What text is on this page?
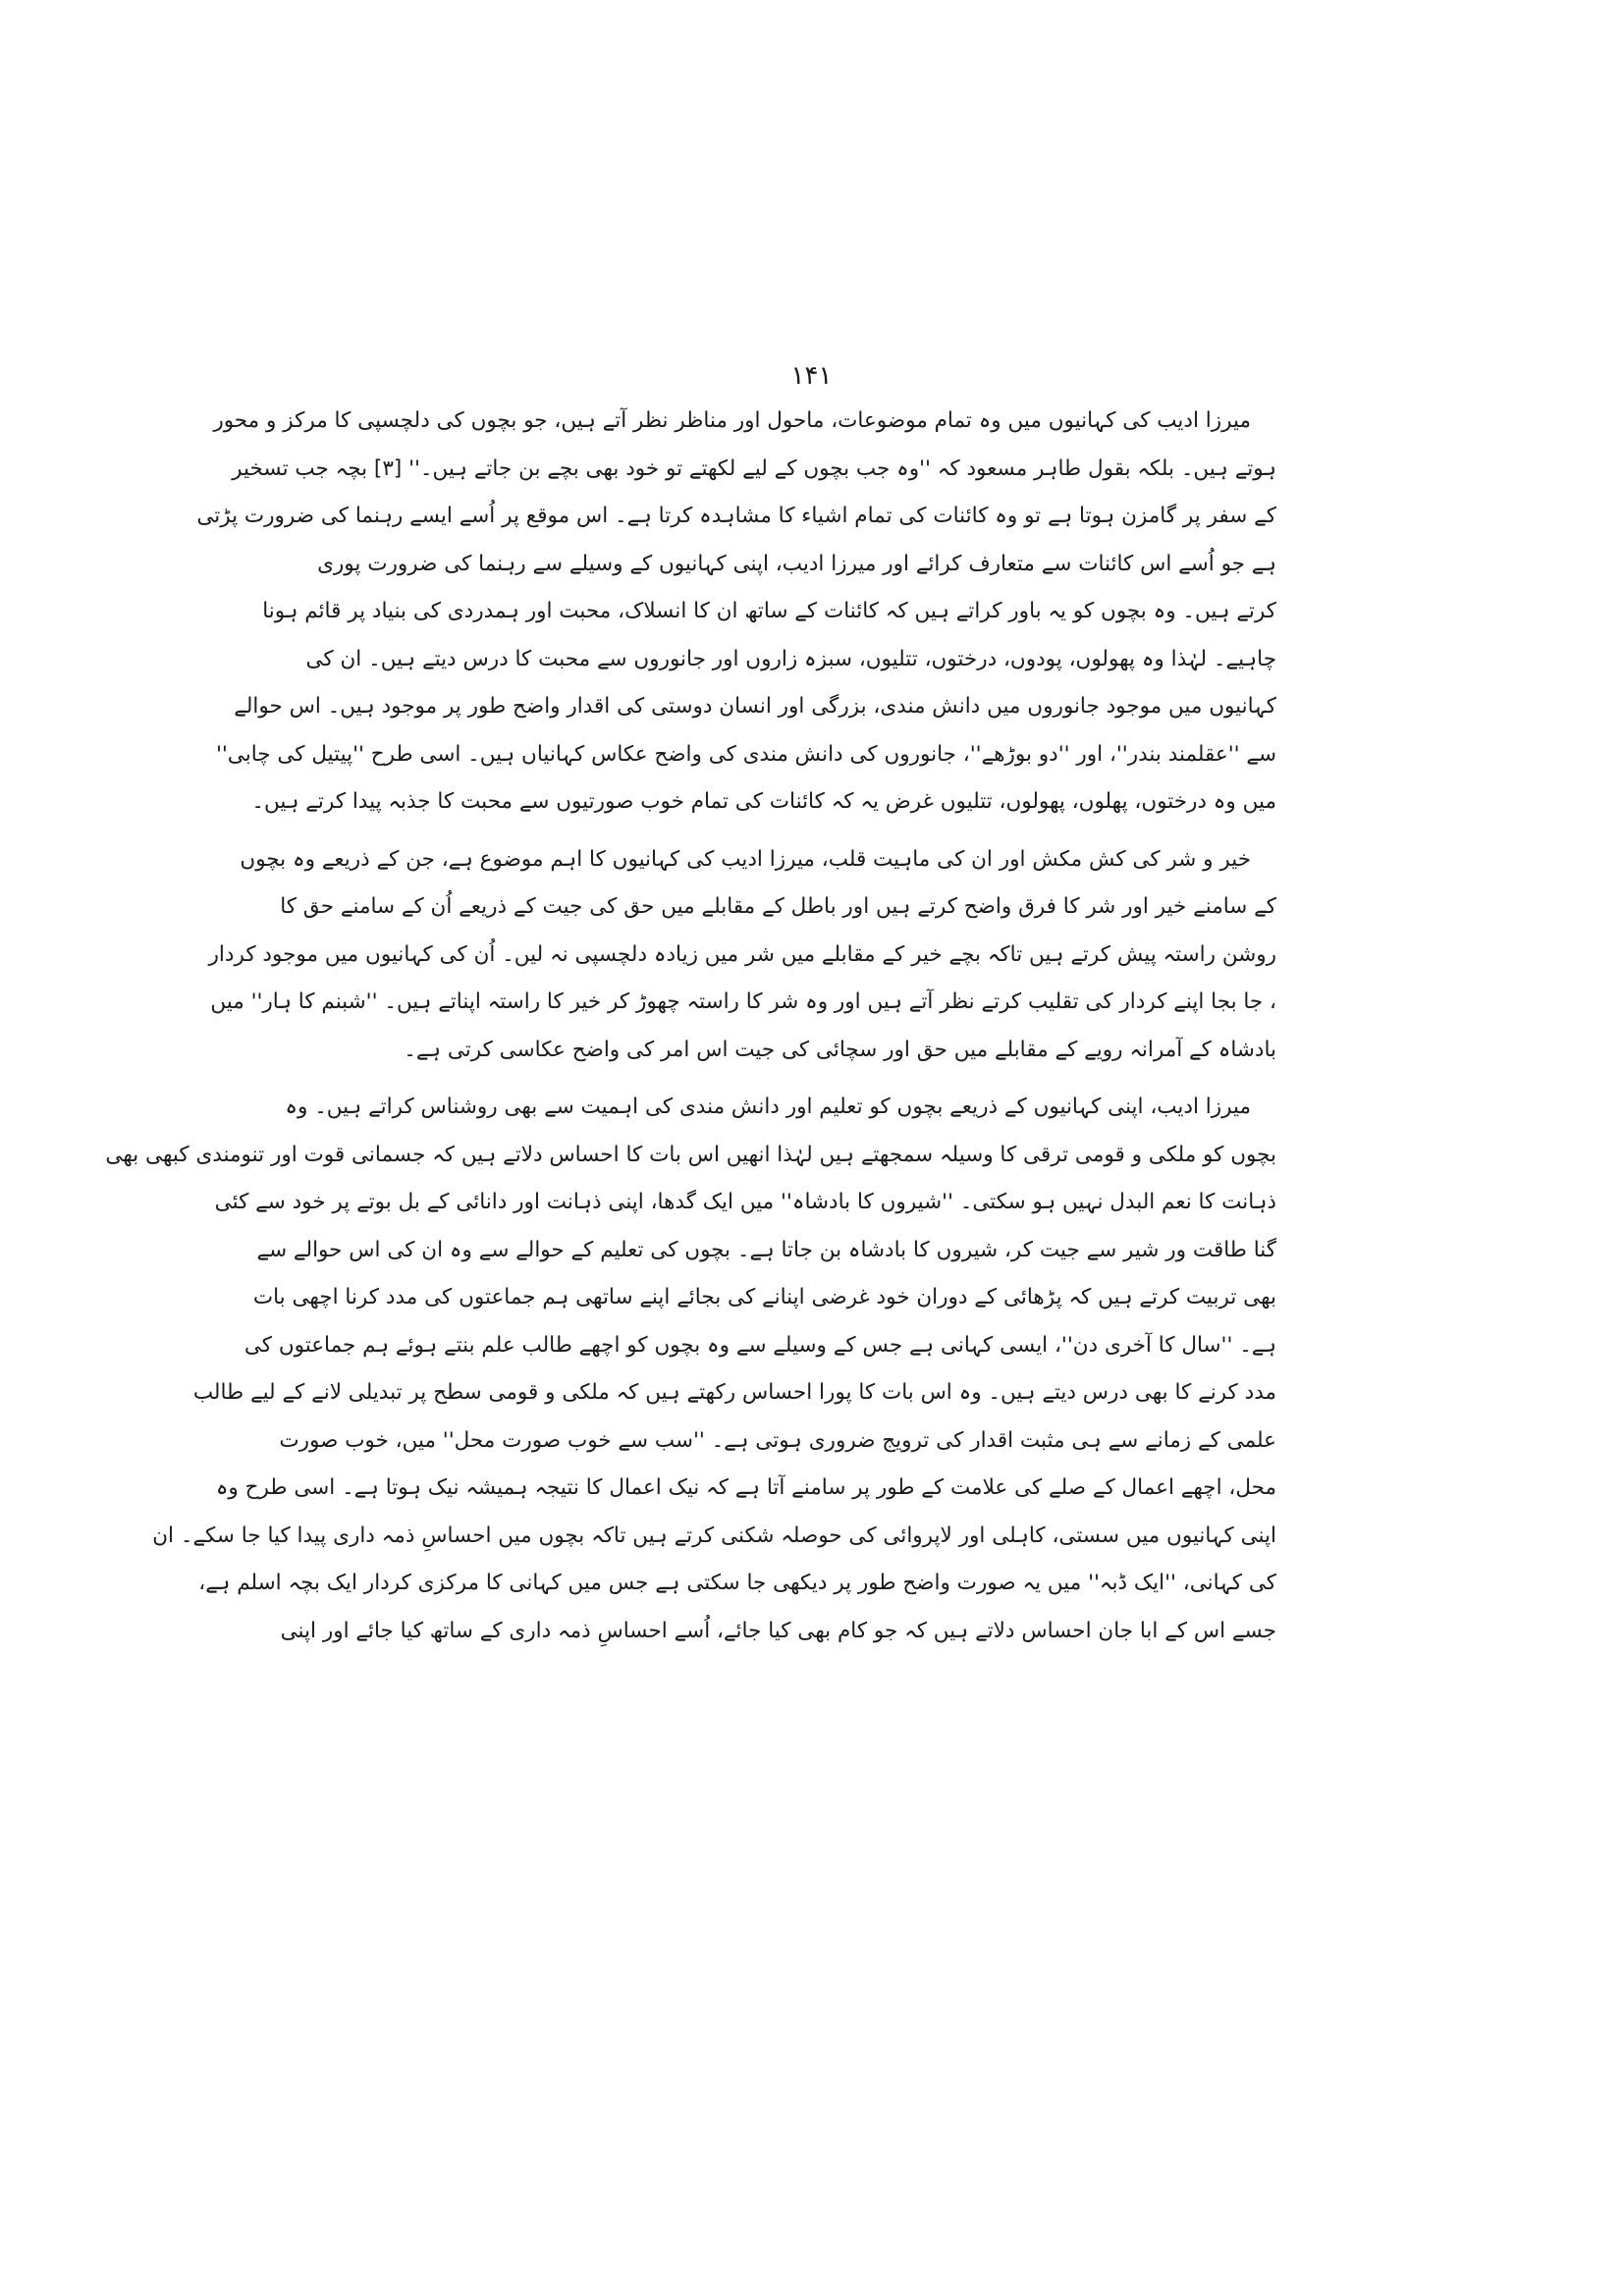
۱۴۱
میرزا ادیب کی کہانیوں میں وہ تمام موضوعات، ماحول اور مناظر نظر آتے ہیں، جو بچوں کی دلچسپی کا مرکز و محور
ہوتے ہیں۔ بلکہ بقول طاہر مسعود کہ ''وہ جب بچوں کے لیے لکھتے تو خود بھی بچے بن جاتے ہیں۔'' [۳] بچہ جب تسخیر
کے سفر پر گامزن ہوتا ہے تو وہ کائنات کی تمام اشیاء کا مشاہدہ کرتا ہے۔ اس موقع پر اُسے ایسے رہنما کی ضرورت پڑتی
ہے جو اُسے اس کائنات سے متعارف کرائے اور میرزا ادیب، اپنی کہانیوں کے وسیلے سے رہنما کی ضرورت پوری
کرتے ہیں۔ وہ بچوں کو یہ باور کراتے ہیں کہ کائنات کے ساتھ ان کا انسلاک، محبت اور ہمدردی کی بنیاد پر قائم ہونا
چاہیے۔ لہٰذا وہ پھولوں، پودوں، درختوں، تتلیوں، سبزہ زاروں اور جانوروں سے محبت کا درس دیتے ہیں۔ ان کی
کہانیوں میں موجود جانوروں میں دانش مندی، بزرگی اور انسان دوستی کی اقدار واضح طور پر موجود ہیں۔ اس حوالے
سے ''عقلمند بندر''، اور ''دو بوڑھے''، جانوروں کی دانش مندی کی واضح عکاس کہانیاں ہیں۔ اسی طرح ''پیتیل کی چابی''
میں وہ درختوں، پھلوں، پھولوں، تتلیوں غرض یہ کہ کائنات کی تمام خوب صورتیوں سے محبت کا جذبہ پیدا کرتے ہیں۔
خیر و شر کی کش مکش اور ان کی ماہیت قلب، میرزا ادیب کی کہانیوں کا اہم موضوع ہے، جن کے ذریعے وہ بچوں
کے سامنے خیر اور شر کا فرق واضح کرتے ہیں اور باطل کے مقابلے میں حق کی جیت کے ذریعے اُن کے سامنے حق کا
روشن راستہ پیش کرتے ہیں تاکہ بچے خیر کے مقابلے میں شر میں زیادہ دلچسپی نہ لیں۔ اُن کی کہانیوں میں موجود کردار
، جا بجا اپنے کردار کی تقلیب کرتے نظر آتے ہیں اور وہ شر کا راستہ چھوڑ کر خیر کا راستہ اپناتے ہیں۔ ''شبنم کا ہار'' میں
بادشاہ کے آمرانہ رویے کے مقابلے میں حق اور سچائی کی جیت اس امر کی واضح عکاسی کرتی ہے۔
میرزا ادیب، اپنی کہانیوں کے ذریعے بچوں کو تعلیم اور دانش مندی کی اہمیت سے بھی روشناس کراتے ہیں۔ وہ
بچوں کو ملکی و قومی ترقی کا وسیلہ سمجھتے ہیں لہٰذا انھیں اس بات کا احساس دلاتے ہیں کہ جسمانی قوت اور تنومندی کبھی بھی
ذہانت کا نعم البدل نہیں ہو سکتی۔ ''شیروں کا بادشاہ'' میں ایک گدھا، اپنی ذہانت اور دانائی کے بل بوتے پر خود سے کئی
گنا طاقت ور شیر سے جیت کر، شیروں کا بادشاہ بن جاتا ہے۔ بچوں کی تعلیم کے حوالے سے وہ ان کی اس حوالے سے
بھی تربیت کرتے ہیں کہ پڑھائی کے دوران خود غرضی اپنانے کی بجائے اپنے ساتھی ہم جماعتوں کی مدد کرنا اچھی بات
ہے۔ ''سال کا آخری دن''، ایسی کہانی ہے جس کے وسیلے سے وہ بچوں کو اچھے طالب علم بنتے ہوئے ہم جماعتوں کی
مدد کرنے کا بھی درس دیتے ہیں۔ وہ اس بات کا پورا احساس رکھتے ہیں کہ ملکی و قومی سطح پر تبدیلی لانے کے لیے طالب
علمی کے زمانے سے ہی مثبت اقدار کی ترویج ضروری ہوتی ہے۔ ''سب سے خوب صورت محل'' میں، خوب صورت
محل، اچھے اعمال کے صلے کی علامت کے طور پر سامنے آتا ہے کہ نیک اعمال کا نتیجہ ہمیشہ نیک ہوتا ہے۔ اسی طرح وہ
اپنی کہانیوں میں سستی، کاہلی اور لاپروائی کی حوصلہ شکنی کرتے ہیں تاکہ بچوں میں احساسِ ذمہ داری پیدا کیا جا سکے۔ ان
کی کہانی، ''ایک ڈبہ'' میں یہ صورت واضح طور پر دیکھی جا سکتی ہے جس میں کہانی کا مرکزی کردار ایک بچہ اسلم ہے،
جسے اس کے ابا جان احساس دلاتے ہیں کہ جو کام بھی کیا جائے، اُسے احساسِ ذمہ داری کے ساتھ کیا جائے اور اپنی
